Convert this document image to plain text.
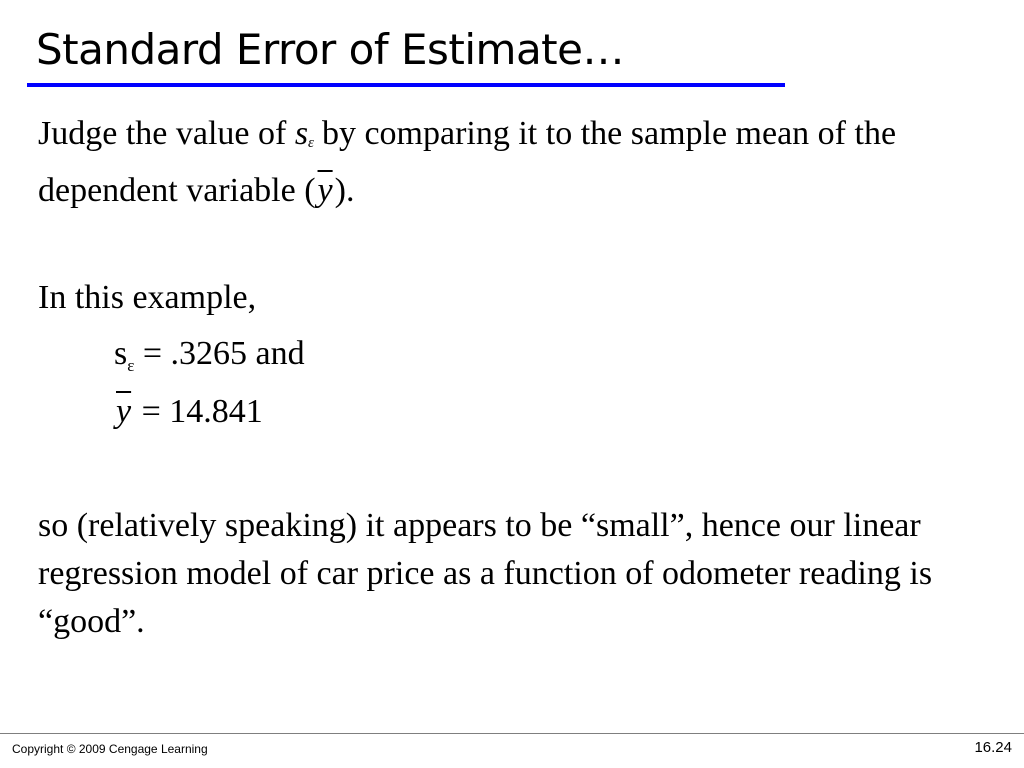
Standard Error of Estimate…
Judge the value of $s_\varepsilon$ by comparing it to the sample mean of the dependent variable $(\overline{y})$.
In this example,
$s_\varepsilon = .3265$ and
$\overline{y} = 14.841$
so (relatively speaking) it appears to be “small”, hence our linear regression model of car price as a function of odometer reading is “good”.
Copyright © 2009 Cengage Learning	16.24
